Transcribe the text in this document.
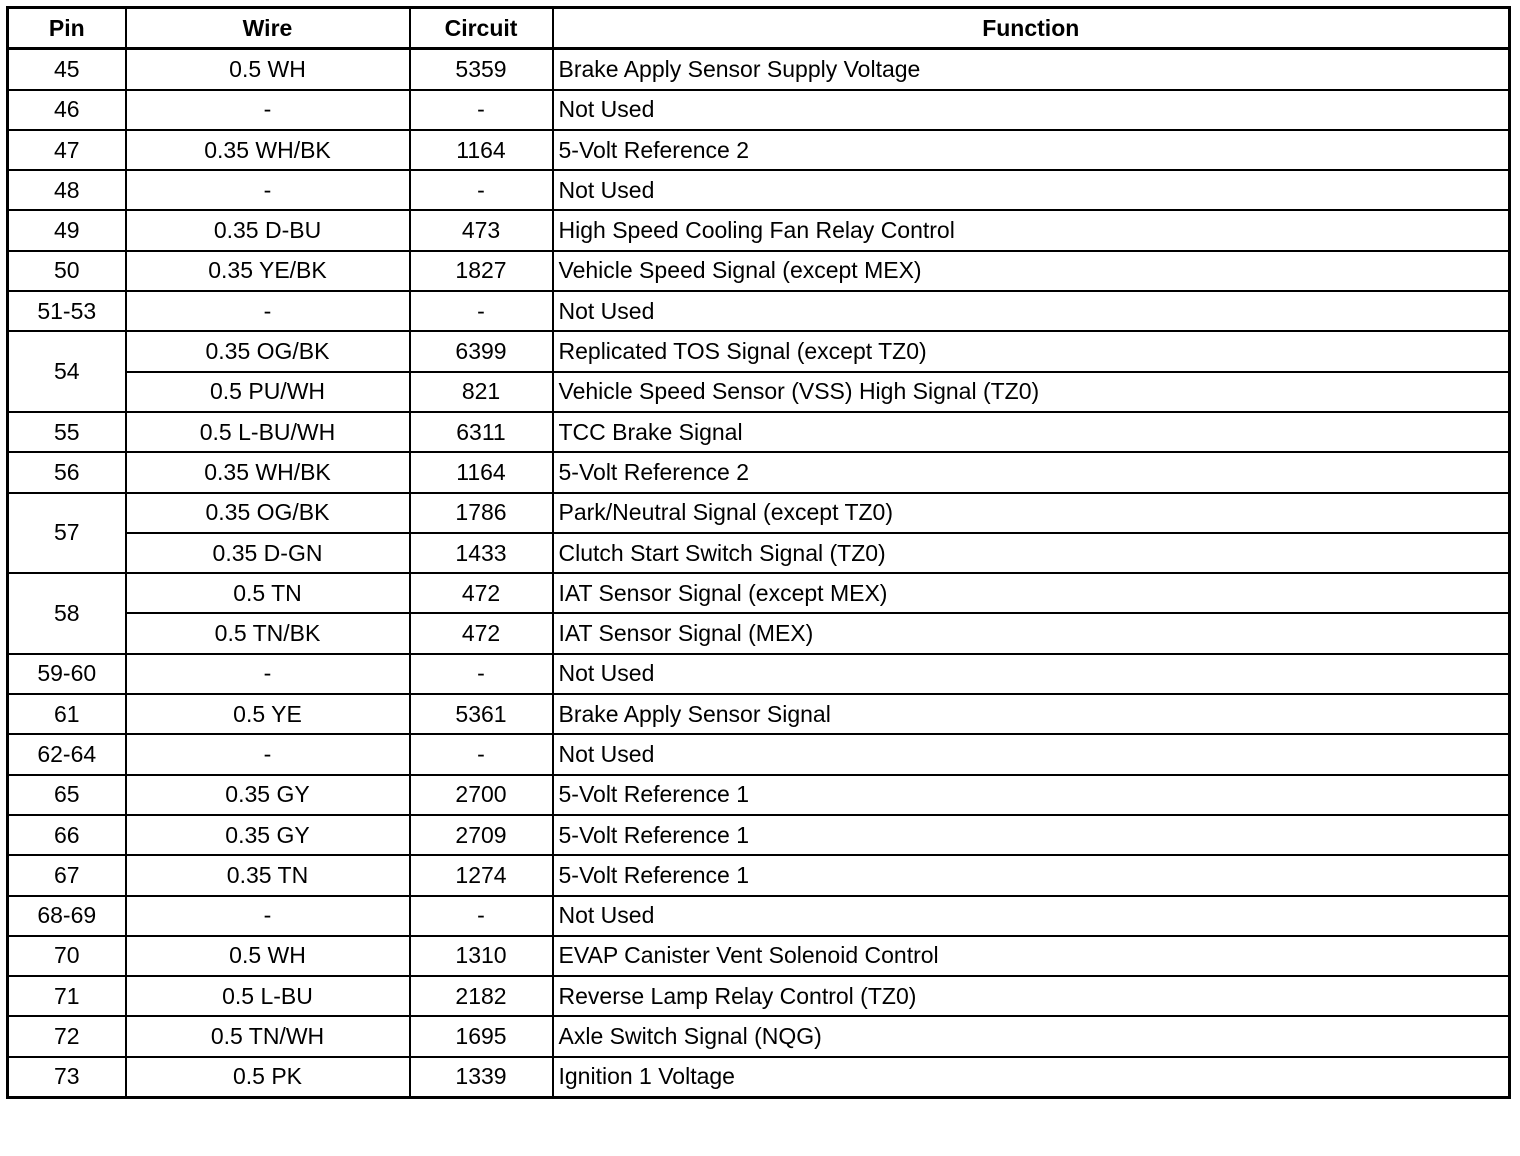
Pin	Wire	Circuit	Function
45	0.5 WH	5359	Brake Apply Sensor Supply Voltage
46	-	-	Not Used
47	0.35 WH/BK	1164	5-Volt Reference 2
48	-	-	Not Used
49	0.35 D-BU	473	High Speed Cooling Fan Relay Control
50	0.35 YE/BK	1827	Vehicle Speed Signal (except MEX)
51-53	-	-	Not Used
54	0.35 OG/BK	6399	Replicated TOS Signal (except TZ0)
	0.5 PU/WH	821	Vehicle Speed Sensor (VSS) High Signal (TZ0)
55	0.5 L-BU/WH	6311	TCC Brake Signal
56	0.35 WH/BK	1164	5-Volt Reference 2
57	0.35 OG/BK	1786	Park/Neutral Signal (except TZ0)
	0.35 D-GN	1433	Clutch Start Switch Signal (TZ0)
58	0.5 TN	472	IAT Sensor Signal (except MEX)
	0.5 TN/BK	472	IAT Sensor Signal (MEX)
59-60	-	-	Not Used
61	0.5 YE	5361	Brake Apply Sensor Signal
62-64	-	-	Not Used
65	0.35 GY	2700	5-Volt Reference 1
66	0.35 GY	2709	5-Volt Reference 1
67	0.35 TN	1274	5-Volt Reference 1
68-69	-	-	Not Used
70	0.5 WH	1310	EVAP Canister Vent Solenoid Control
71	0.5 L-BU	2182	Reverse Lamp Relay Control (TZ0)
72	0.5 TN/WH	1695	Axle Switch Signal (NQG)
73	0.5 PK	1339	Ignition 1 Voltage
